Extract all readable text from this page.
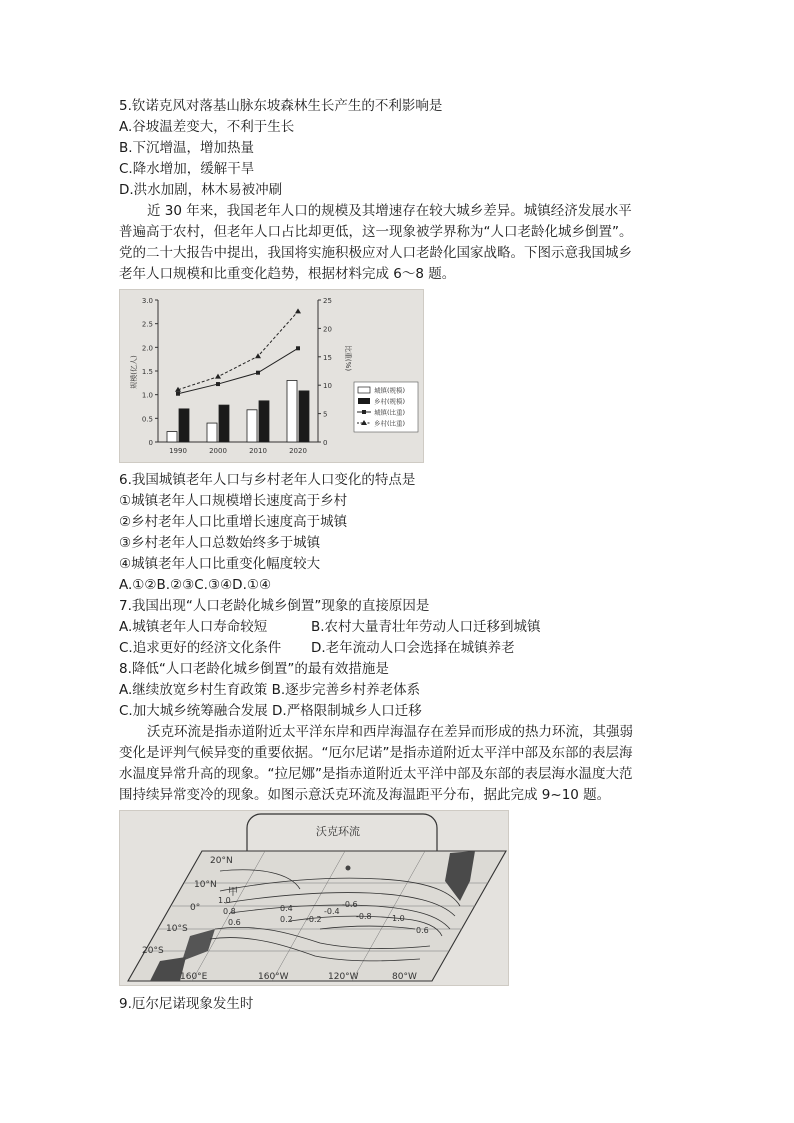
5.钦诺克风对落基山脉东坡森林生长产生的不利影响是
A.谷坡温差变大，不利于生长
B.下沉增温，增加热量
C.降水增加，缓解干旱
D.洪水加剧，林木易被冲刷
近 30 年来，我国老年人口的规模及其增速存在较大城乡差异。城镇经济发展水平
普遍高于农村，但老年人口占比却更低，这一现象被学界称为“人口老龄化城乡倒置”。
党的二十大报告中提出，我国将实施积极应对人口老龄化国家战略。下图示意我国城乡
老年人口规模和比重变化趋势，根据材料完成 6～8 题。
0
0.5
1.0
1.5
2.0
2.5
3.0
0
5
10
15
20
25
规模(亿人)	比重(%)
1990	2000	2010	2020
城镇(规模)
乡村(规模)
城镇(比重)
乡村(比重)
6.我国城镇老年人口与乡村老年人口变化的特点是
①城镇老年人口规模增长速度高于乡村
②乡村老年人口比重增长速度高于城镇
③乡村老年人口总数始终多于城镇
④城镇老年人口比重变化幅度较大
A.①②B.②③C.③④D.①④
7.我国出现“人口老龄化城乡倒置”现象的直接原因是
A.城镇老年人口寿命较短	B.农村大量青壮年劳动人口迁移到城镇
C.追求更好的经济文化条件 D.老年流动人口会选择在城镇养老
8.降低“人口老龄化城乡倒置”的最有效措施是
A.继续放宽乡村生育政策 B.逐步完善乡村养老体系
C.加大城乡统筹融合发展 D.严格限制城乡人口迁移
沃克环流是指赤道附近太平洋东岸和西岸海温存在差异而形成的热力环流，其强弱
变化是评判气候异变的重要依据。“厄尔尼诺”是指赤道附近太平洋中部及东部的表层海
水温度异常升高的现象。“拉尼娜”是指赤道附近太平洋中部及东部的表层海水温度大范
围持续异常变冷的现象。如图示意沃克环流及海温距平分布，据此完成 9~10 题。
沃克环流
1.0
0.8
0.6
0.4
0.2 -0.2
-0.4
-0.6
-0.8	1.0
0.6
甲
20°N
10°N
0°
10°S
20°S
160°E	160°W	120°W	80°W
9.厄尔尼诺现象发生时
